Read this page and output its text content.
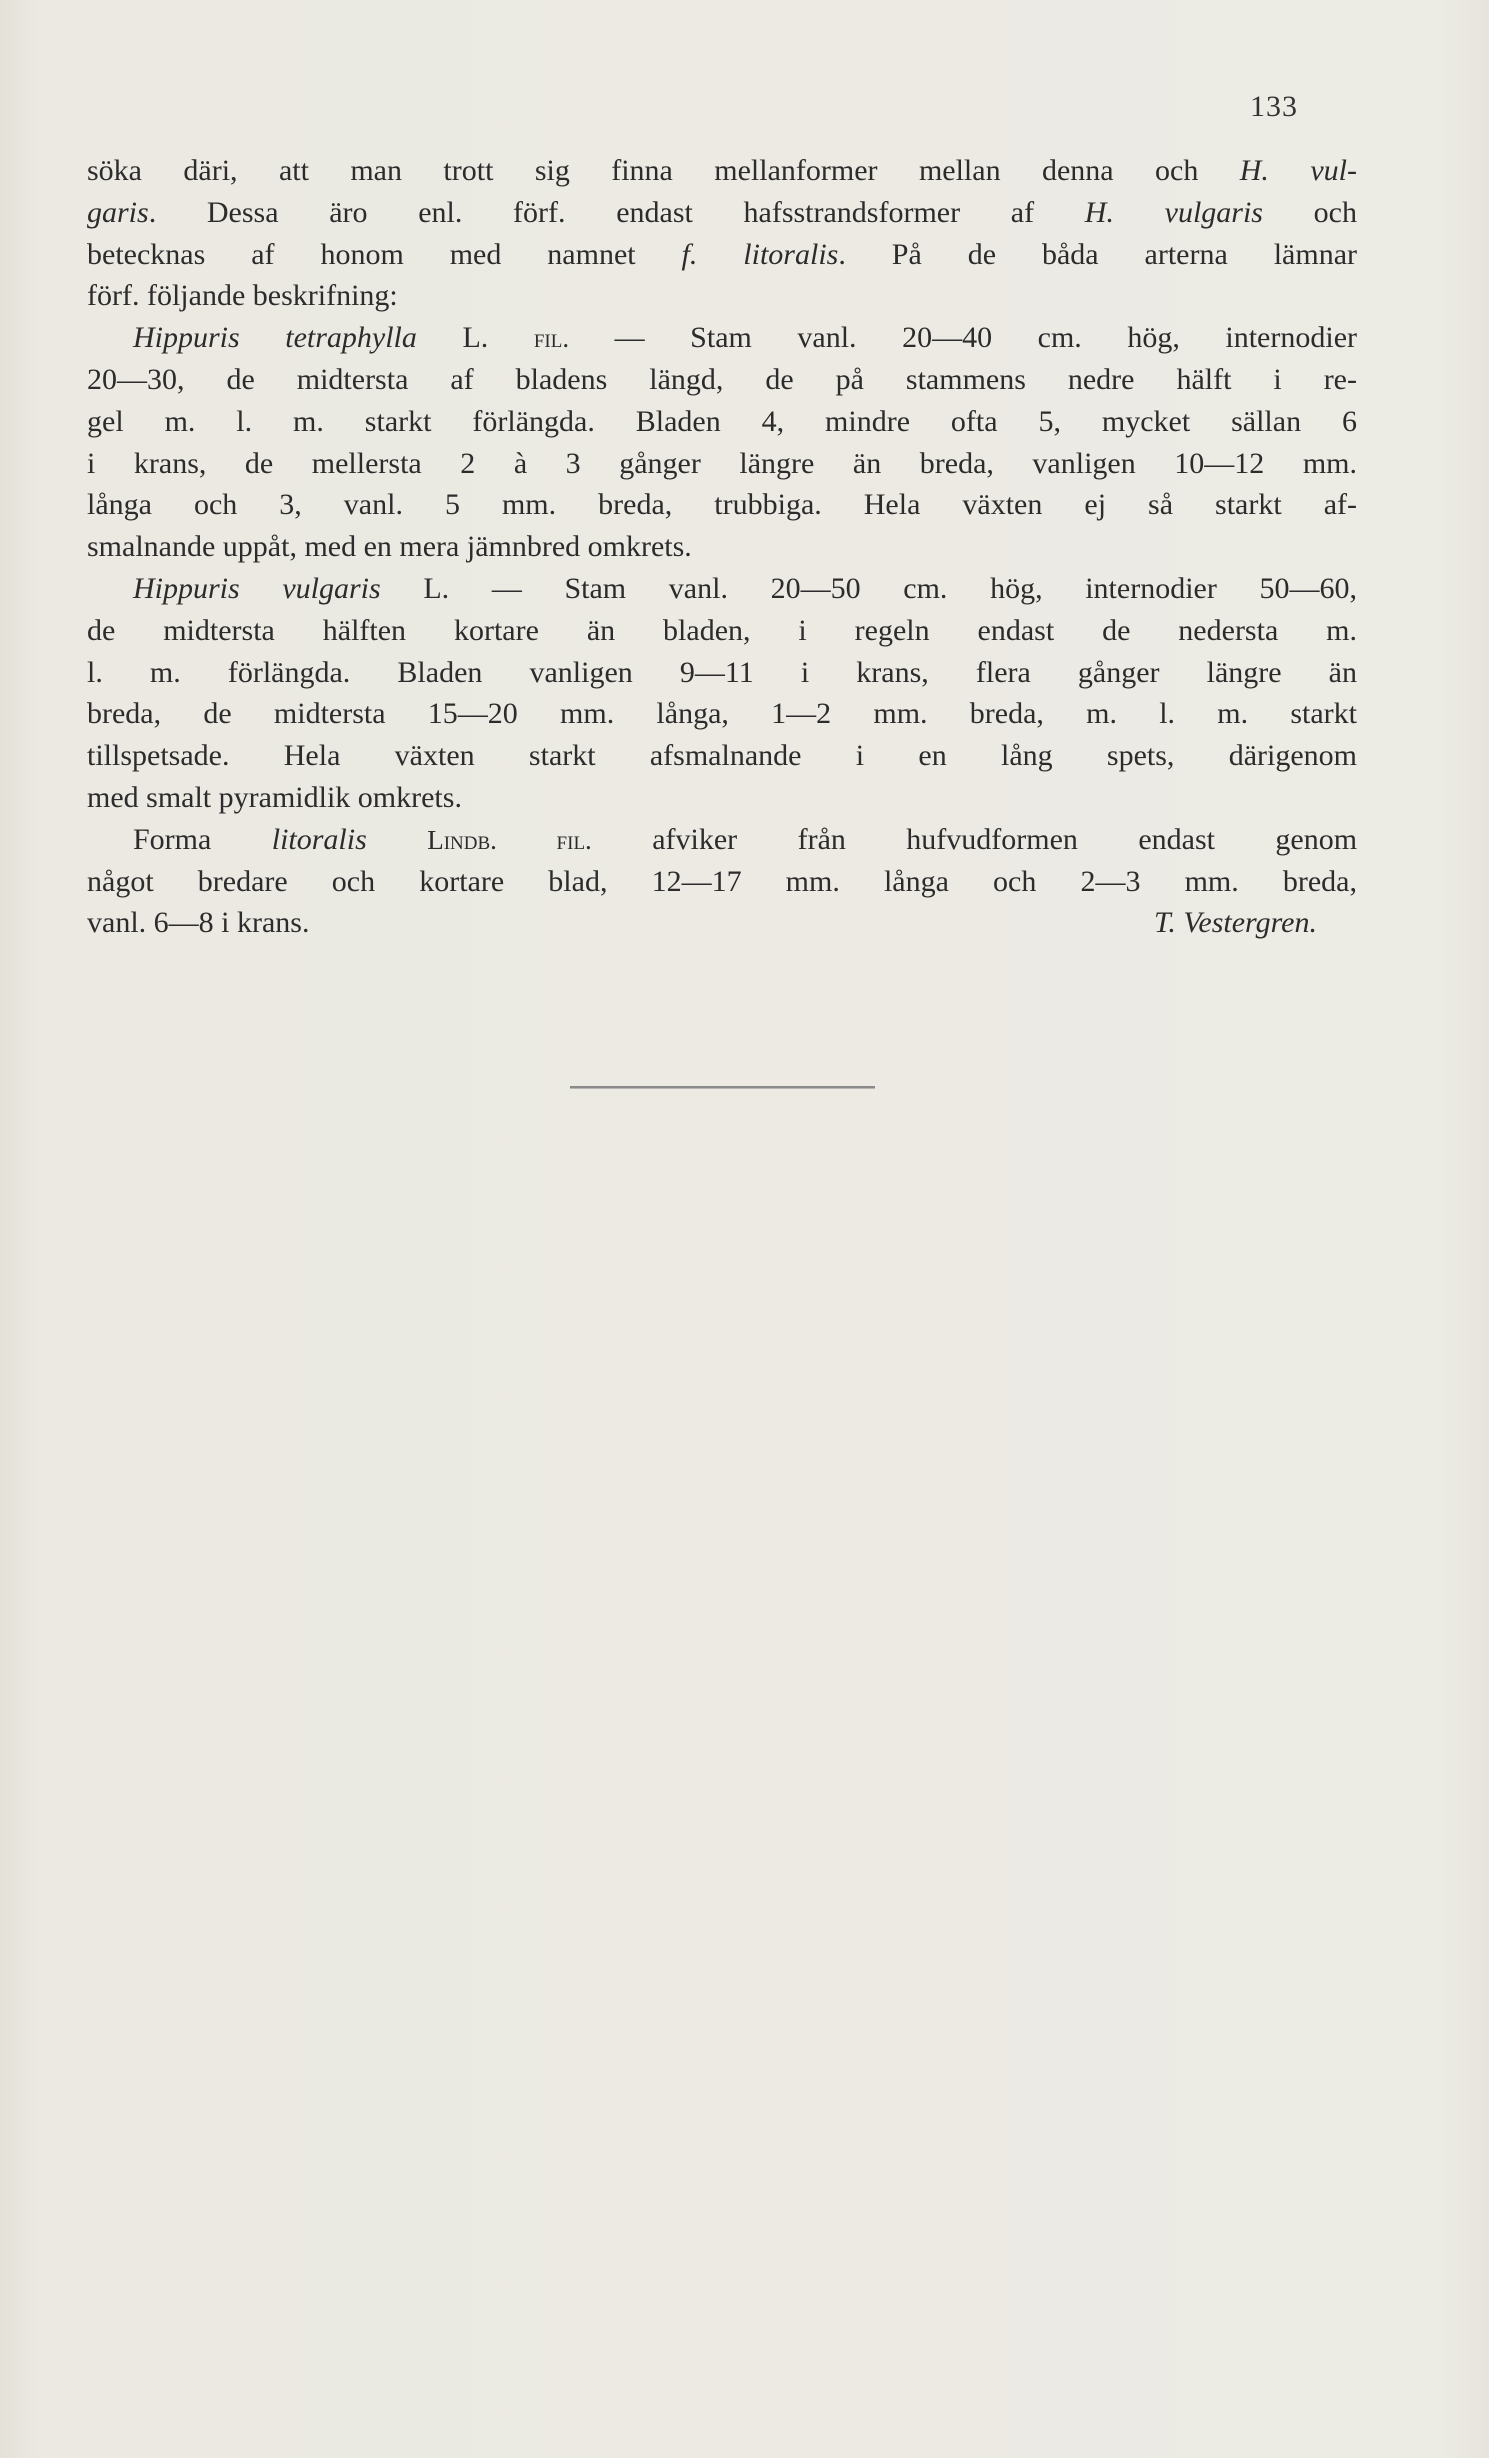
133
söka däri, att man trott sig finna mellanformer mellan denna och H. vul-
garis. Dessa äro enl. förf. endast hafsstrandsformer af H. vulgaris och
betecknas af honom med namnet f. litoralis. På de båda arterna lämnar
förf. följande beskrifning:
Hippuris tetraphylla L. fil. — Stam vanl. 20—40 cm. hög, internodier
20—30, de midtersta af bladens längd, de på stammens nedre hälft i re-
gel m. l. m. starkt förlängda. Bladen 4, mindre ofta 5, mycket sällan 6
i krans, de mellersta 2 à 3 gånger längre än breda, vanligen 10—12 mm.
långa och 3, vanl. 5 mm. breda, trubbiga. Hela växten ej så starkt af-
smalnande uppåt, med en mera jämnbred omkrets.
Hippuris vulgaris L. — Stam vanl. 20—50 cm. hög, internodier 50—60,
de midtersta hälften kortare än bladen, i regeln endast de nedersta m.
l. m. förlängda. Bladen vanligen 9—11 i krans, flera gånger längre än
breda, de midtersta 15—20 mm. långa, 1—2 mm. breda, m. l. m. starkt
tillspetsade. Hela växten starkt afsmalnande i en lång spets, därigenom
med smalt pyramidlik omkrets.
Forma litoralis Lindb. fil. afviker från hufvudformen endast genom
något bredare och kortare blad, 12—17 mm. långa och 2—3 mm. breda,
vanl. 6—8 i krans.	T. Vestergren.
